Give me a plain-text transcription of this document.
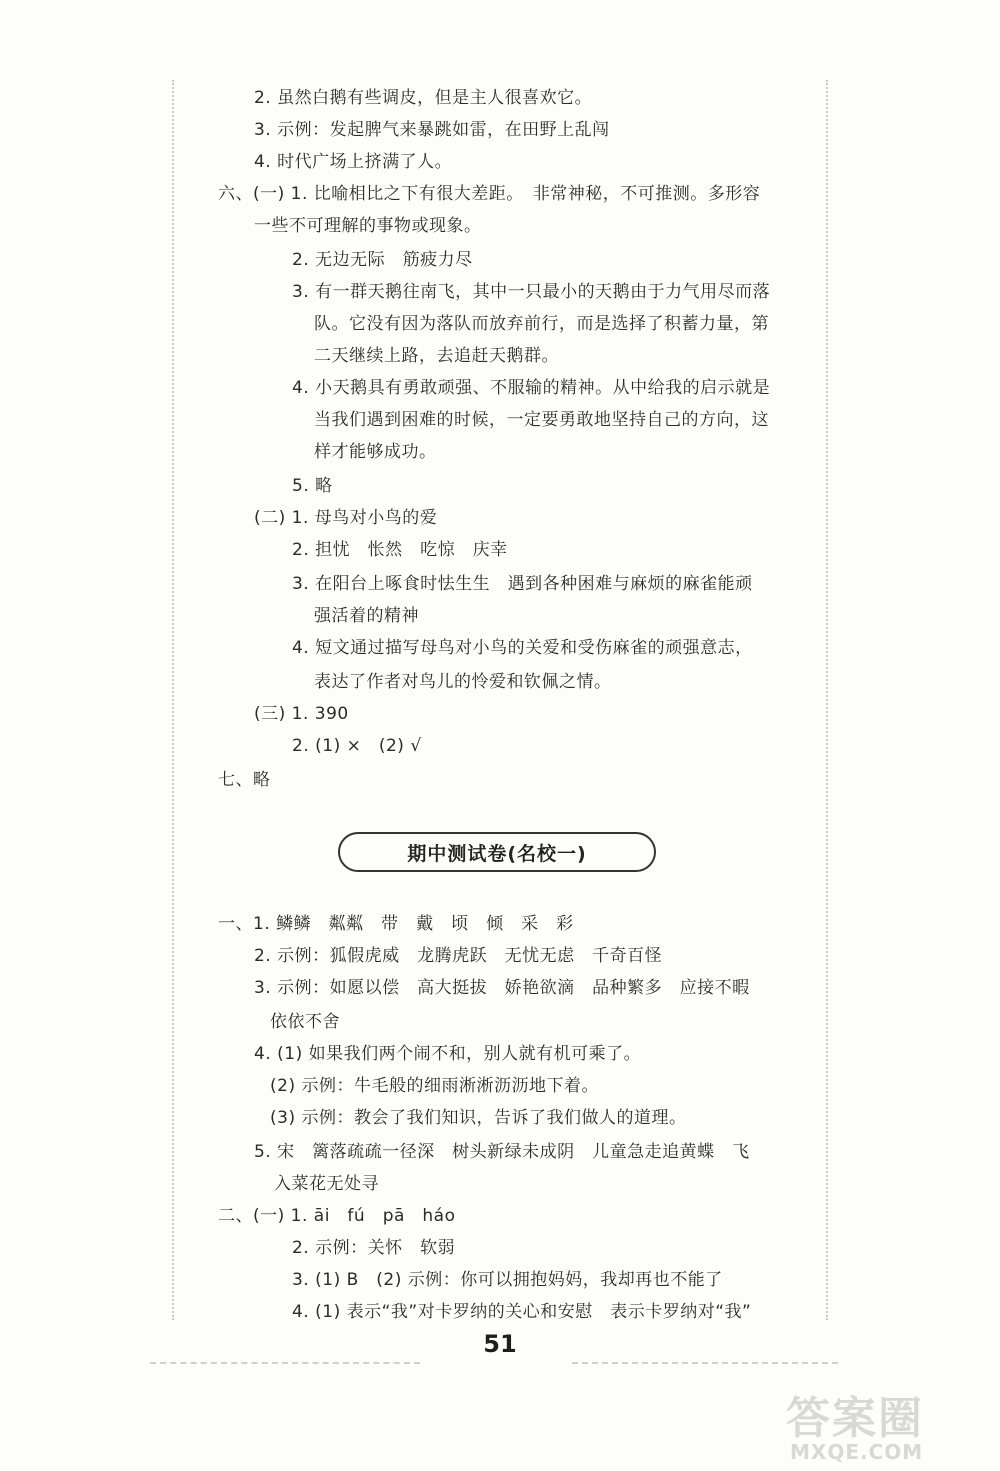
2. 虽然白鹅有些调皮，但是主人很喜欢它。
3. 示例：发起脾气来暴跳如雷，在田野上乱闯
4. 时代广场上挤满了人。
六、(一) 1. 比喻相比之下有很大差距。　非常神秘，不可推测。多形容
一些不可理解的事物或现象。
2. 无边无际　筋疲力尽
3. 有一群天鹅往南飞，其中一只最小的天鹅由于力气用尽而落
队。它没有因为落队而放弃前行，而是选择了积蓄力量，第
二天继续上路，去追赶天鹅群。
4. 小天鹅具有勇敢顽强、不服输的精神。从中给我的启示就是
当我们遇到困难的时候，一定要勇敢地坚持自己的方向，这
样才能够成功。
5. 略
(二) 1. 母鸟对小鸟的爱
2. 担忧　怅然　吃惊　庆幸
3. 在阳台上啄食时怯生生　遇到各种困难与麻烦的麻雀能顽
强活着的精神
4. 短文通过描写母鸟对小鸟的关爱和受伤麻雀的顽强意志，
表达了作者对鸟儿的怜爱和钦佩之情。
(三) 1. 390
2. (1) ×　(2) √
七、略
期中测试卷(名校一)
一、1. 鳞鳞　粼粼　带　戴　顷　倾　采　彩
2. 示例：狐假虎威　龙腾虎跃　无忧无虑　千奇百怪
3. 示例：如愿以偿　高大挺拔　娇艳欲滴　品种繁多　应接不暇
依依不舍
4. (1) 如果我们两个闹不和，别人就有机可乘了。
(2) 示例：牛毛般的细雨淅淅沥沥地下着。
(3) 示例：教会了我们知识，告诉了我们做人的道理。
5. 宋　篱落疏疏一径深　树头新绿未成阴　儿童急走追黄蝶　飞
入菜花无处寻
二、(一) 1. āi　fú　pā　háo
2. 示例：关怀　软弱
3. (1) B　(2) 示例：你可以拥抱妈妈，我却再也不能了
4. (1) 表示“我”对卡罗纳的关心和安慰　表示卡罗纳对“我”
51
答案圈
MXQE.COM
